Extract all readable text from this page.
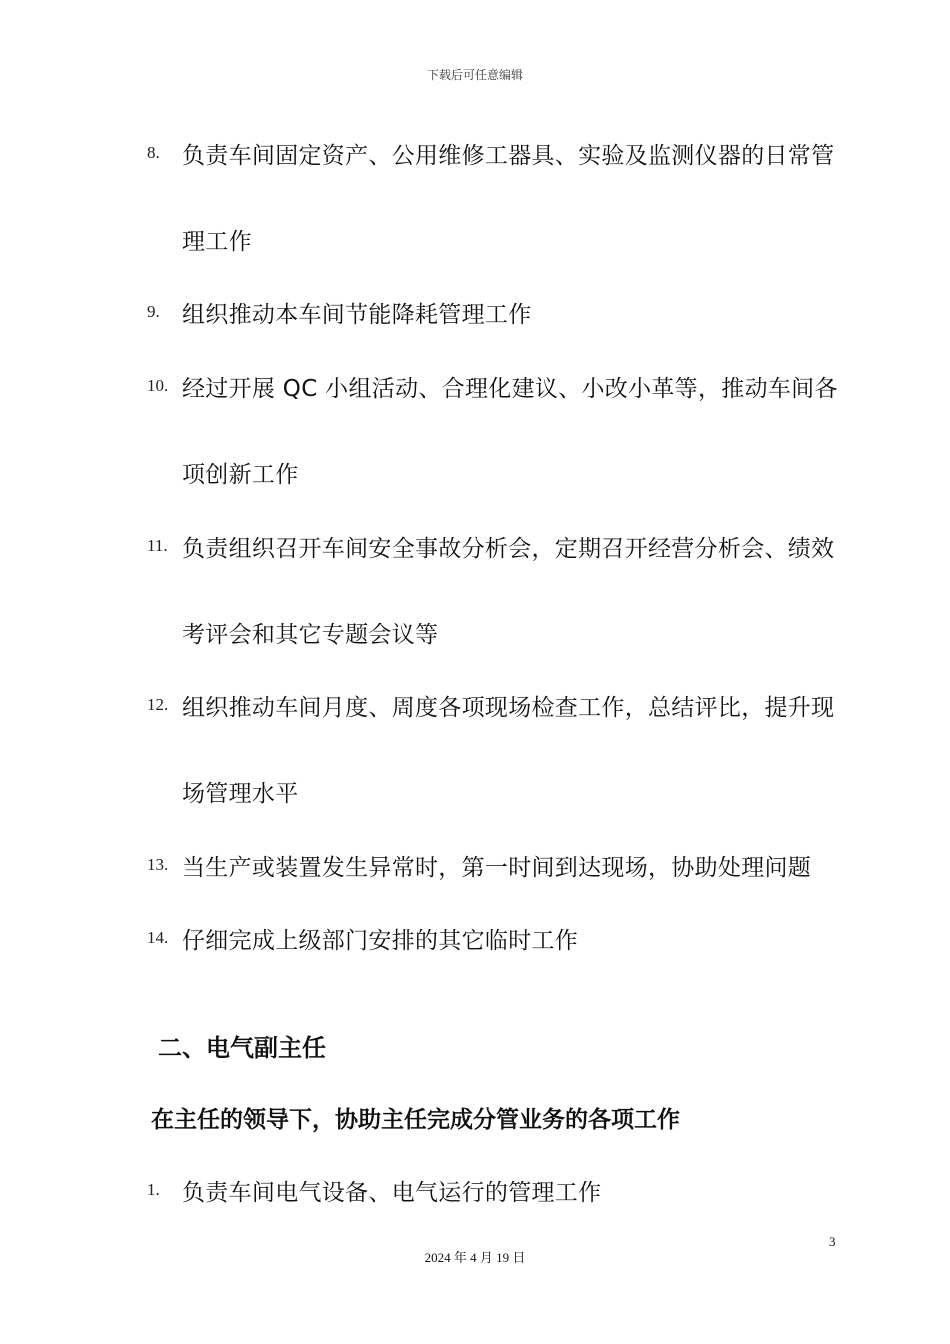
下载后可任意编辑
8. 负责车间固定资产、公用维修工器具、实验及监测仪器的日常管
理工作
9. 组织推动本车间节能降耗管理工作
10. 经过开展 QC 小组活动、合理化建议、小改小革等，推动车间各
项创新工作
11. 负责组织召开车间安全事故分析会，定期召开经营分析会、绩效
考评会和其它专题会议等
12. 组织推动车间月度、周度各项现场检查工作，总结评比，提升现
场管理水平
13. 当生产或装置发生异常时，第一时间到达现场，协助处理问题
14. 仔细完成上级部门安排的其它临时工作
二、电气副主任
在主任的领导下，协助主任完成分管业务的各项工作
1. 负责车间电气设备、电气运行的管理工作
3
2024 年 4 月 19 日
